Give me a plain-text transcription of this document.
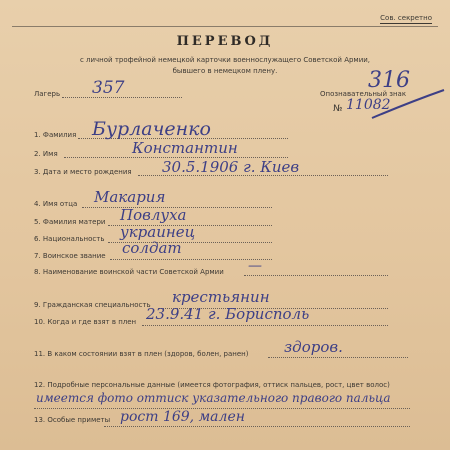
Сов. секретно
ПЕРЕВОД
с личной трофейной немецкой карточки военнослужащего Советской Армии,
бывшего в немецком плену.
Лагерь 357	Опознавательный знак
№ 11082
316
1. Фамилия Бурлаченко
2. Имя	Константин
3. Дата и место рождения 30.5.1906 г. Киев
4. Имя отца Макария
5. Фамилия матери Повлуха
6. Национальность украинец
7. Воинское звание солдат
8. Наименование воинской части Советской Армии —
9. Гражданская специальность крестьянин
10. Когда и где взят в плен 23.9.41 г. Борисполь
11. В каком состоянии взят в плен (здоров, болен, ранен) здоров.
12. Подробные персональные данные (имеется фотография, оттиск пальцев, рост, цвет волос)
имеется фото оттиск указательного правого пальца
13. Особые приметы рост 169, мален
